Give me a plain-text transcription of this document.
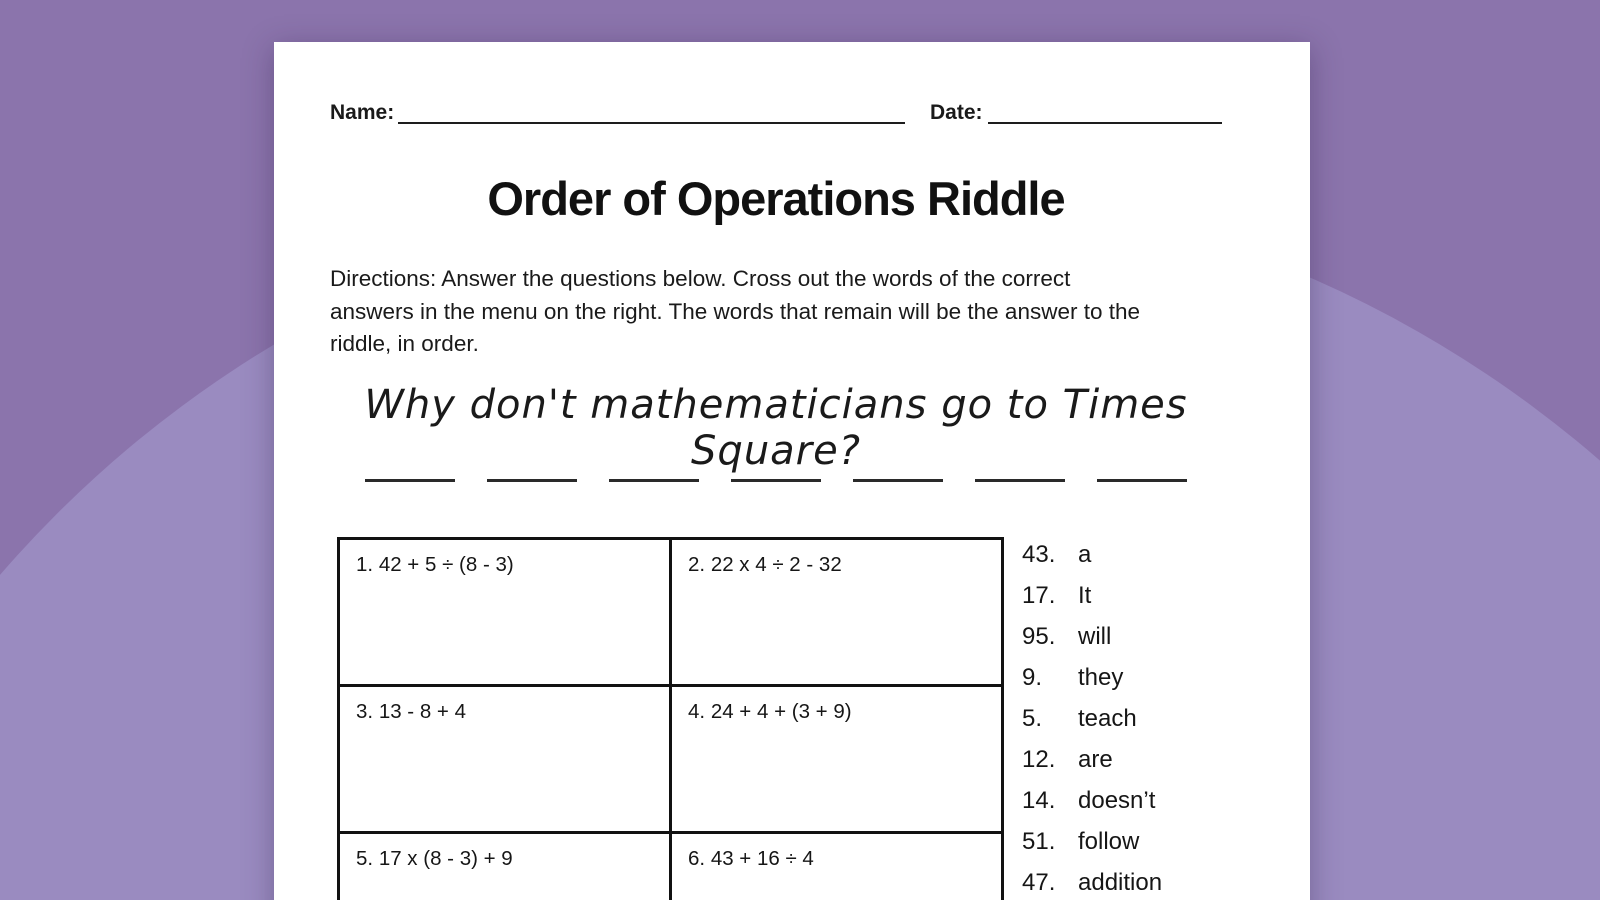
Name:	Date:
Order of Operations Riddle
Directions: Answer the questions below. Cross out the words of the correct
answers in the menu on the right. The words that remain will be the answer to the
riddle, in order.
Why don't mathematicians go to Times Square?
1. 42 + 5 ÷ (8 - 3)	2. 22 x 4 ÷ 2 - 32
3. 13 - 8 + 4	4. 24 + 4 + (3 + 9)
5. 17 x (8 - 3) + 9	6. 43 + 16 ÷ 4
43. a
17. It
95. will
9.	they
5.	teach
12. are
14. doesn’t
51. follow
47. addition
